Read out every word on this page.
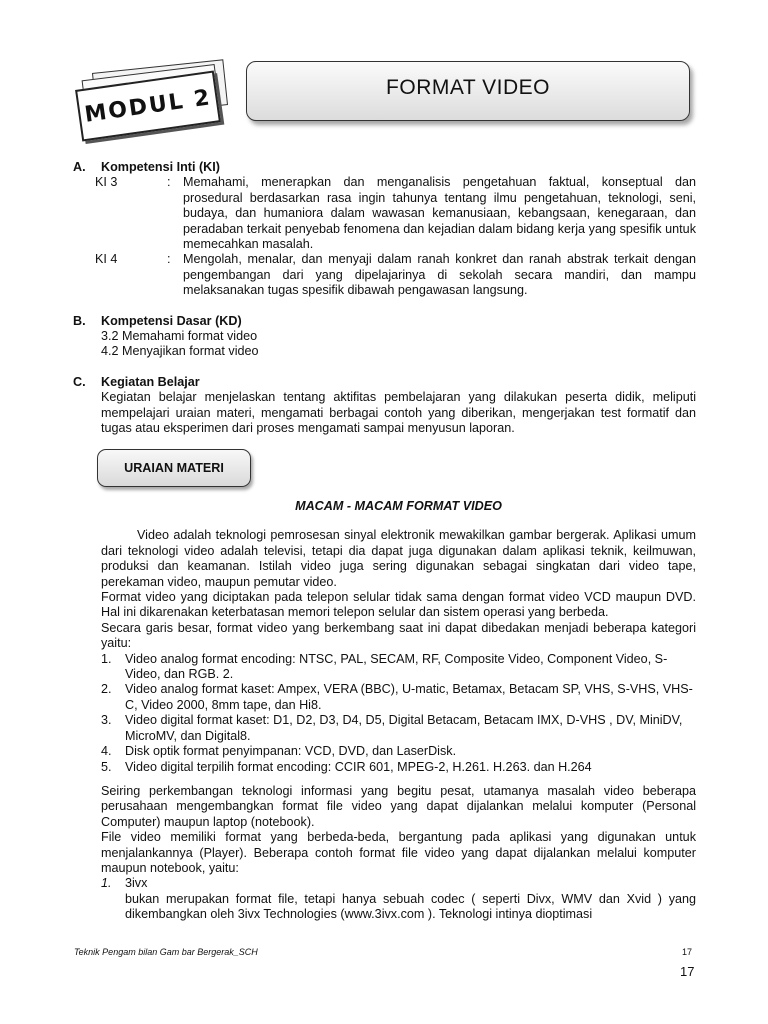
MODUL 2	FORMAT VIDEO
A.	Kompetensi Inti (KI)
KI 3	: Memahami, menerapkan dan menganalisis pengetahuan faktual, konseptual dan prosedural berdasarkan rasa ingin tahunya tentang ilmu pengetahuan, teknologi, seni, budaya, dan humaniora dalam wawasan kemanusiaan, kebangsaan, kenegaraan, dan peradaban terkait penyebab fenomena dan kejadian dalam bidang kerja yang spesifik untuk memecahkan masalah.
KI 4	: Mengolah, menalar, dan menyaji dalam ranah konkret dan ranah abstrak terkait dengan pengembangan dari yang dipelajarinya di sekolah secara mandiri, dan mampu melaksanakan tugas spesifik dibawah pengawasan langsung.
B.	Kompetensi Dasar (KD)
3.2 Memahami format video
4.2 Menyajikan format video
C.	Kegiatan Belajar
Kegiatan belajar menjelaskan tentang aktifitas pembelajaran yang dilakukan peserta didik, meliputi mempelajari uraian materi, mengamati berbagai contoh yang diberikan, mengerjakan test formatif dan tugas atau eksperimen dari proses mengamati sampai menyusun laporan.
URAIAN MATERI
MACAM - MACAM FORMAT VIDEO
Video adalah teknologi pemrosesan sinyal elektronik mewakilkan gambar bergerak. Aplikasi umum dari teknologi video adalah televisi, tetapi dia dapat juga digunakan dalam aplikasi teknik, keilmuwan, produksi dan keamanan. Istilah video juga sering digunakan sebagai singkatan dari video tape, perekaman video, maupun pemutar video.
Format video yang diciptakan pada telepon selular tidak sama dengan format video VCD maupun DVD. Hal ini dikarenakan keterbatasan memori telepon selular dan sistem operasi yang berbeda.
Secara garis besar, format video yang berkembang saat ini dapat dibedakan menjadi beberapa kategori yaitu:
1.	Video analog format encoding: NTSC, PAL, SECAM, RF, Composite Video, Component Video, S-Video, dan RGB. 2.
2.	Video analog format kaset: Ampex, VERA (BBC), U-matic, Betamax, Betacam SP, VHS, S-VHS, VHS-C, Video 2000, 8mm tape, dan Hi8.
3.	Video digital format kaset: D1, D2, D3, D4, D5, Digital Betacam, Betacam IMX, D-VHS , DV, MiniDV, MicroMV, dan Digital8.
4.	Disk optik format penyimpanan: VCD, DVD, dan LaserDisk.
5.	Video digital terpilih format encoding: CCIR 601, MPEG-2, H.261. H.263. dan H.264
Seiring perkembangan teknologi informasi yang begitu pesat, utamanya masalah video beberapa perusahaan mengembangkan format file video yang dapat dijalankan melalui komputer (Personal Computer) maupun laptop (notebook).
File video memiliki format yang berbeda-beda, bergantung pada aplikasi yang digunakan untuk menjalankannya (Player). Beberapa contoh format file video yang dapat dijalankan melalui komputer maupun notebook, yaitu:
1.	3ivx
bukan merupakan format file, tetapi hanya sebuah codec ( seperti Divx, WMV dan Xvid ) yang dikembangkan oleh 3ivx Technologies (www.3ivx.com ). Teknologi intinya dioptimasi
Teknik Pengam bilan Gam bar Bergerak_SCH	17
17
